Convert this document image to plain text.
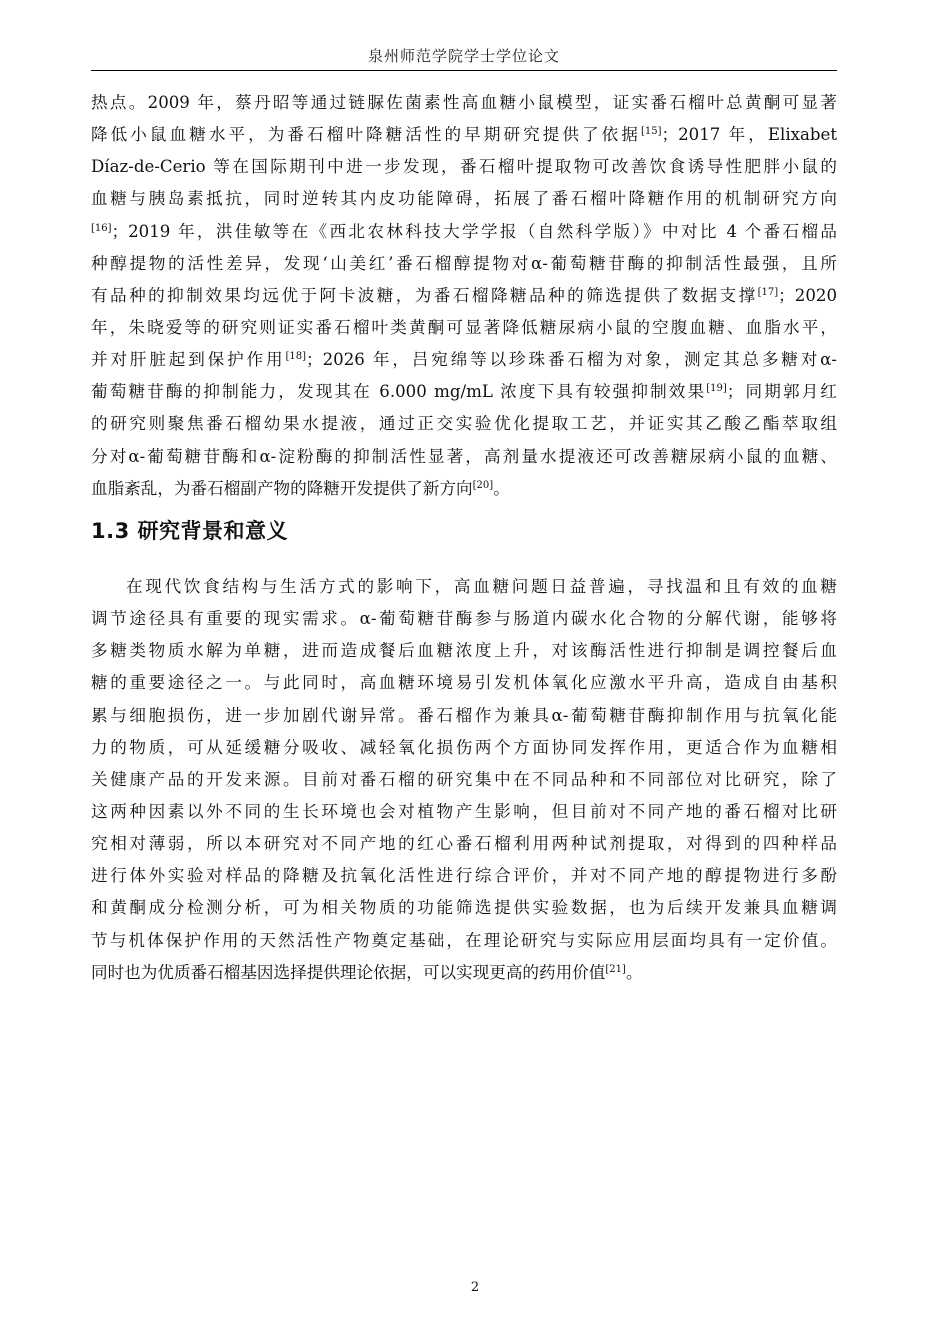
泉州师范学院学士学位论文
热点。2009 年，蔡丹昭等通过链脲佐菌素性高血糖小鼠模型，证实番石榴叶总黄酮可显著
降低小鼠血糖水平，为番石榴叶降糖活性的早期研究提供了依据[15]；2017 年，Elixabet
Díaz-de-Cerio 等在国际期刊中进一步发现，番石榴叶提取物可改善饮食诱导性肥胖小鼠的
血糖与胰岛素抵抗，同时逆转其内皮功能障碍，拓展了番石榴叶降糖作用的机制研究方向
[16]；2019 年，洪佳敏等在《西北农林科技大学学报（自然科学版）》中对比 4 个番石榴品
种醇提物的活性差异，发现‘山美红’番石榴醇提物对α-葡萄糖苷酶的抑制活性最强，且所
有品种的抑制效果均远优于阿卡波糖，为番石榴降糖品种的筛选提供了数据支撑[17]；2020
年，朱晓爱等的研究则证实番石榴叶类黄酮可显著降低糖尿病小鼠的空腹血糖、血脂水平，
并对肝脏起到保护作用[18]；2026 年，吕宛绵等以珍珠番石榴为对象，测定其总多糖对α-
葡萄糖苷酶的抑制能力，发现其在 6.000 mg/mL 浓度下具有较强抑制效果[19]；同期郭月红
的研究则聚焦番石榴幼果水提液，通过正交实验优化提取工艺，并证实其乙酸乙酯萃取组
分对α-葡萄糖苷酶和α-淀粉酶的抑制活性显著，高剂量水提液还可改善糖尿病小鼠的血糖、
血脂紊乱，为番石榴副产物的降糖开发提供了新方向[20]。
1.3 研究背景和意义
在现代饮食结构与生活方式的影响下，高血糖问题日益普遍，寻找温和且有效的血糖
调节途径具有重要的现实需求。α-葡萄糖苷酶参与肠道内碳水化合物的分解代谢，能够将
多糖类物质水解为单糖，进而造成餐后血糖浓度上升，对该酶活性进行抑制是调控餐后血
糖的重要途径之一。与此同时，高血糖环境易引发机体氧化应激水平升高，造成自由基积
累与细胞损伤，进一步加剧代谢异常。番石榴作为兼具α-葡萄糖苷酶抑制作用与抗氧化能
力的物质，可从延缓糖分吸收、减轻氧化损伤两个方面协同发挥作用，更适合作为血糖相
关健康产品的开发来源。目前对番石榴的研究集中在不同品种和不同部位对比研究，除了
这两种因素以外不同的生长环境也会对植物产生影响，但目前对不同产地的番石榴对比研
究相对薄弱，所以本研究对不同产地的红心番石榴利用两种试剂提取，对得到的四种样品
进行体外实验对样品的降糖及抗氧化活性进行综合评价，并对不同产地的醇提物进行多酚
和黄酮成分检测分析，可为相关物质的功能筛选提供实验数据，也为后续开发兼具血糖调
节与机体保护作用的天然活性产物奠定基础，在理论研究与实际应用层面均具有一定价值。
同时也为优质番石榴基因选择提供理论依据，可以实现更高的药用价值[21]。
2
